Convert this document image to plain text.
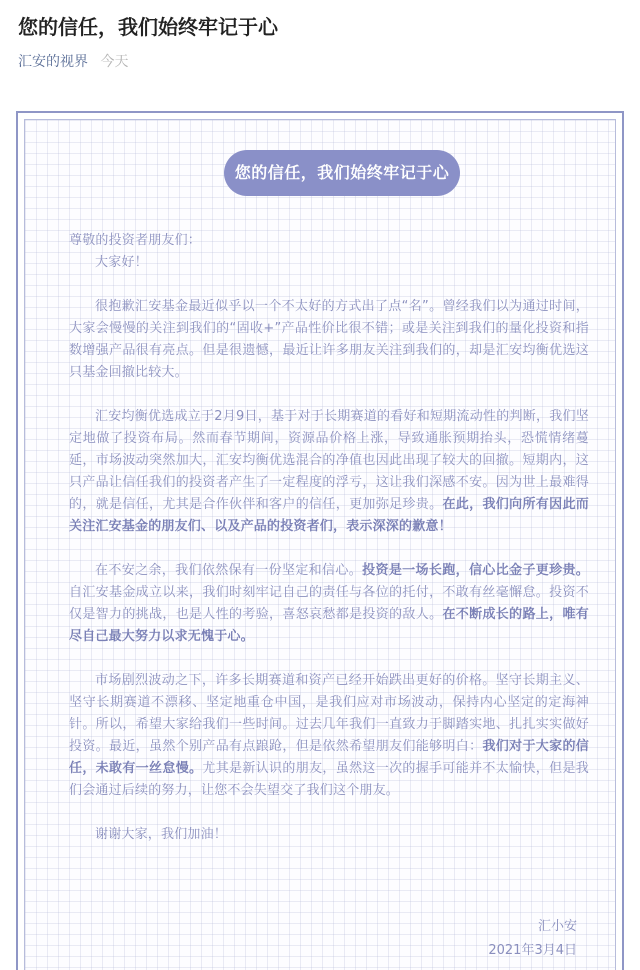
您的信任，我们始终牢记于心
汇安的视界 今天
您的信任，我们始终牢记于心

尊敬的投资者朋友们：

大家好！

很抱歉汇安基金最近似乎以一个不太好的方式出了点“名”。曾经我们以为通过时间，大家会慢慢的关注到我们的“固收+”产品性价比很不错；或是关注到我们的量化投资和指数增强产品很有亮点。但是很遗憾，最近让许多朋友关注到我们的，却是汇安均衡优选这只基金回撤比较大。

汇安均衡优选成立于2月9日，基于对于长期赛道的看好和短期流动性的判断，我们坚定地做了投资布局。然而春节期间，资源品价格上涨，导致通胀预期抬头，恐慌情绪蔓延，市场波动突然加大，汇安均衡优选混合的净值也因此出现了较大的回撤。短期内，这只产品让信任我们的投资者产生了一定程度的浮亏，这让我们深感不安。因为世上最难得的，就是信任，尤其是合作伙伴和客户的信任，更加弥足珍贵。在此，我们向所有因此而关注汇安基金的朋友们、以及产品的投资者们，表示深深的歉意！

在不安之余，我们依然保有一份坚定和信心。投资是一场长跑，信心比金子更珍贵。自汇安基金成立以来，我们时刻牢记自己的责任与各位的托付，不敢有丝毫懈怠。投资不仅是智力的挑战，也是人性的考验，喜怒哀愁都是投资的敌人。在不断成长的路上，唯有尽自己最大努力以求无愧于心。

市场剧烈波动之下，许多长期赛道和资产已经开始跌出更好的价格。坚守长期主义、坚守长期赛道不漂移、坚定地重仓中国，是我们应对市场波动，保持内心坚定的定海神针。所以，希望大家给我们一些时间。过去几年我们一直致力于脚踏实地、扎扎实实做好投资。最近，虽然个别产品有点踉跄，但是依然希望朋友们能够明白：我们对于大家的信任，未敢有一丝怠慢。尤其是新认识的朋友，虽然这一次的握手可能并不太愉快，但是我们会通过后续的努力，让您不会失望交了我们这个朋友。

谢谢大家，我们加油！

汇小安
2021年3月4日
